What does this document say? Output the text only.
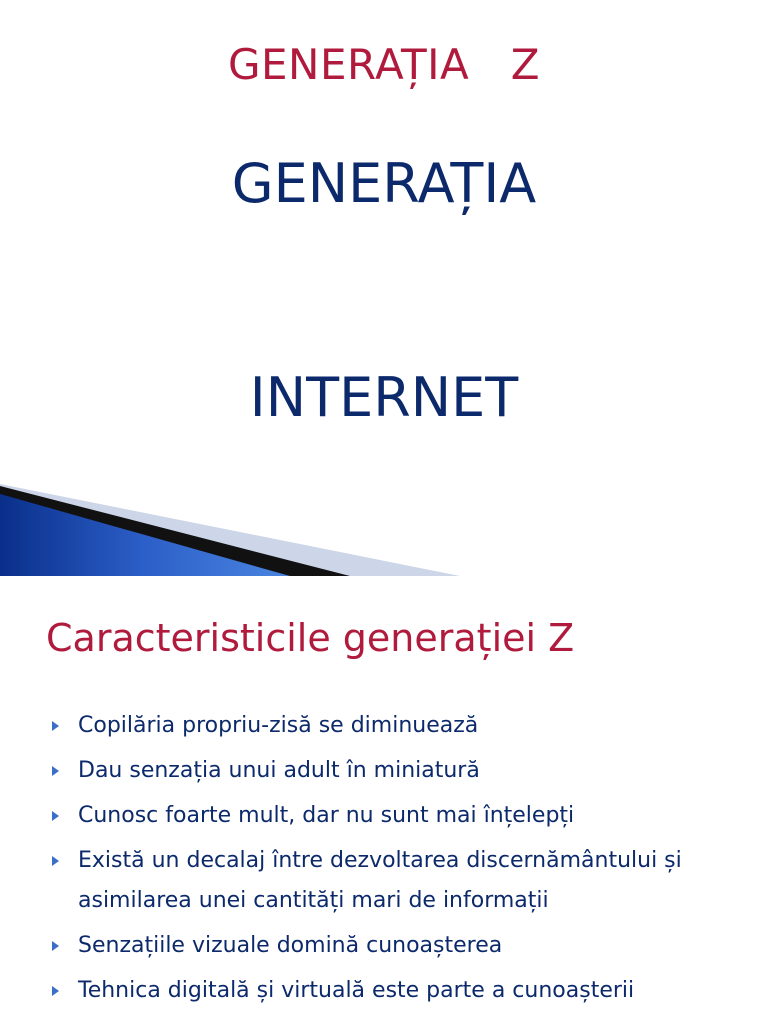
GENERAȚIA   Z
GENERAȚIA
INTERNET
Caracteristicile generației Z
Copilăria propriu-zisă se diminuează
Dau senzația unui adult în miniatură
Cunosc foarte mult, dar nu sunt mai înțelepți
Există un decalaj între dezvoltarea discernământului și asimilarea unei cantități mari de informații
Senzațiile vizuale domină cunoașterea
Tehnica digitală și virtuală este parte a cunoașterii
